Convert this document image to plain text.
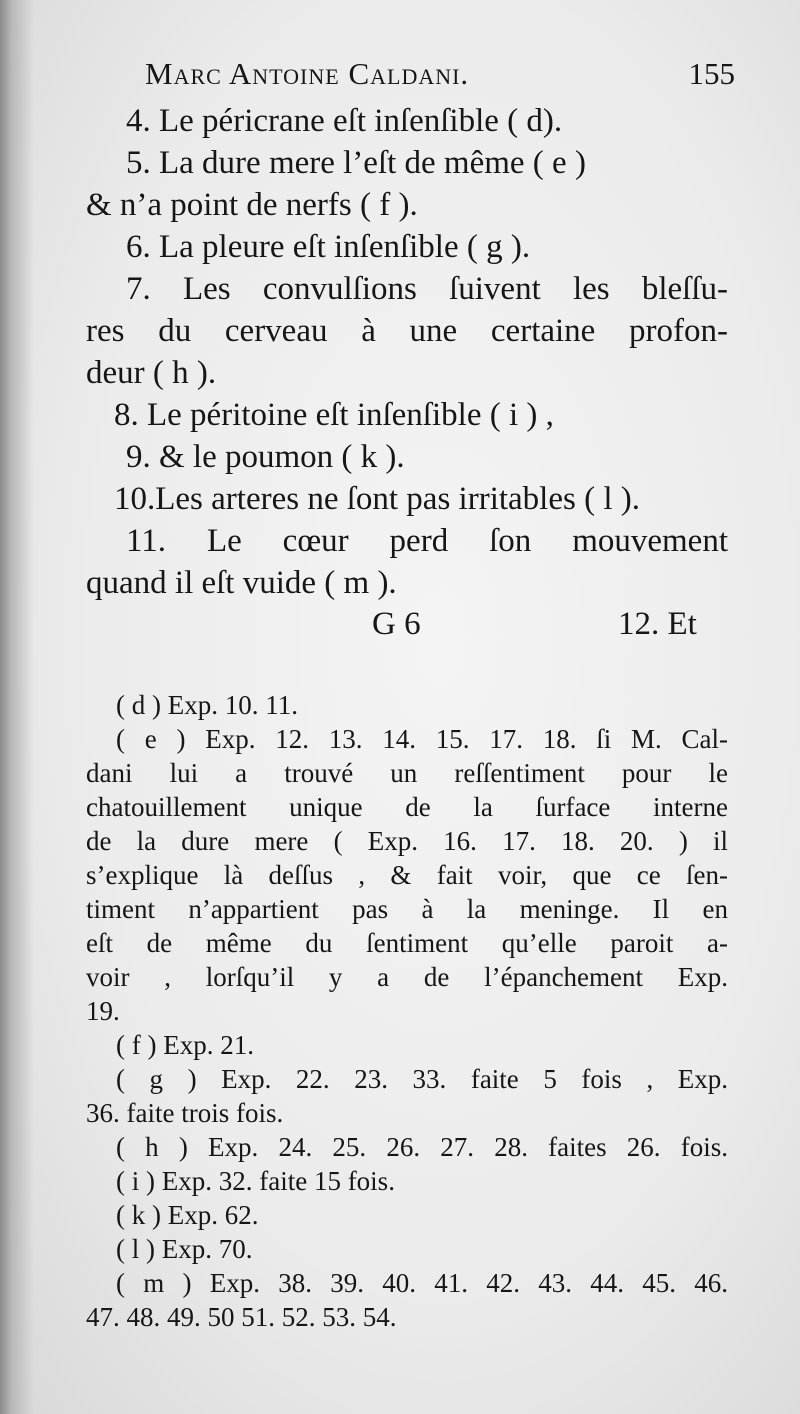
Marc Antoine Caldani.	155
4. Le péricrane eſt inſenſible ( d).
5. La dure mere l’eſt de même ( e )
& n’a point de nerfs ( f ).
6. La pleure eſt inſenſible ( g ).
7. Les convulſions ſuivent les bleſſu-
res du cerveau à une certaine profon-
deur ( h ).
8. Le péritoine eſt inſenſible ( i ) ,
9. & le poumon ( k ).
10.Les arteres ne ſont pas irritables ( l ).
11. Le cœur perd ſon mouvement
quand il eſt vuide ( m ).
G 6	12. Et
( d ) Exp. 10. 11.
( e ) Exp. 12. 13. 14. 15. 17. 18. ſi M. Cal-
dani lui a trouvé un reſſentiment pour le
chatouillement unique de la ſurface interne
de la dure mere ( Exp. 16. 17. 18. 20. ) il
s’explique là deſſus , & fait voir, que ce ſen-
timent n’appartient pas à la meninge. Il en
eſt de même du ſentiment qu’elle paroit a-
voir , lorſqu’il y a de l’épanchement Exp.
19.
( f ) Exp. 21.
( g ) Exp. 22. 23. 33. faite 5 fois , Exp.
36. faite trois fois.
( h ) Exp. 24. 25. 26. 27. 28. faites 26. fois.
( i ) Exp. 32. faite 15 fois.
( k ) Exp. 62.
( l ) Exp. 70.
( m ) Exp. 38. 39. 40. 41. 42. 43. 44. 45. 46.
47. 48. 49. 50 51. 52. 53. 54.
